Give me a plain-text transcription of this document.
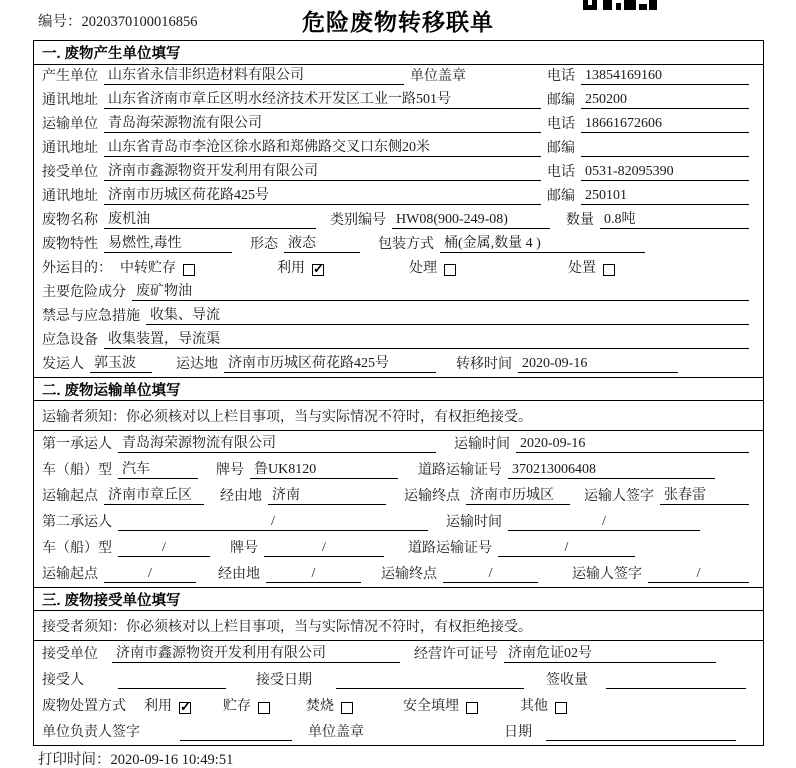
编号：2020370100016856	危险废物转移联单
一. 废物产生单位填写
产生单位 山东省永信非织造材料有限公司	单位盖章	电话 13854169160
通讯地址 山东省济南市章丘区明水经济技术开发区工业一路501号	邮编 250200
运输单位 青岛海荣源物流有限公司	电话 18661672606
通讯地址 山东省青岛市李沧区徐水路和郑佛路交叉口东侧20米	邮编
接受单位 济南市鑫源物资开发利用有限公司	电话 0531-82095390
通讯地址 济南市历城区荷花路425号	邮编 250101
废物名称 废机油	类别编号 HW08(900-249-08)	数量 0.8吨
废物特性 易燃性,毒性	形态 液态	包装方式 桶(金属,数量 4 )
外运目的： 中转贮存	利用 ✓	处理	处置
主要危险成分 废矿物油
禁忌与应急措施 收集、导流
应急设备 收集装置，导流渠
发运人 郭玉波	运达地 济南市历城区荷花路425号	转移时间 2020-09-16
二. 废物运输单位填写
运输者须知：你必须核对以上栏目事项，当与实际情况不符时，有权拒绝接受。
第一承运人 青岛海荣源物流有限公司	运输时间 2020-09-16
车（船）型 汽车	牌号 鲁UK8120	道路运输证号 370213006408
运输起点 济南市章丘区	经由地 济南	运输终点 济南市历城区	运输人签字 张春雷
第二承运人	/	运输时间	/
车（船）型	/	牌号	/	道路运输证号	/
运输起点	/	经由地	/	运输终点	/	运输人签字	/
三. 废物接受单位填写
接受者须知：你必须核对以上栏目事项，当与实际情况不符时，有权拒绝接受。
接受单位 济南市鑫源物资开发利用有限公司	经营许可证号 济南危证02号
接受人	接受日期	签收量
废物处置方式 利用 ✓	贮存	焚烧	安全填埋	其他
单位负责人签字	单位盖章	日期
打印时间：2020-09-16 10:49:51
